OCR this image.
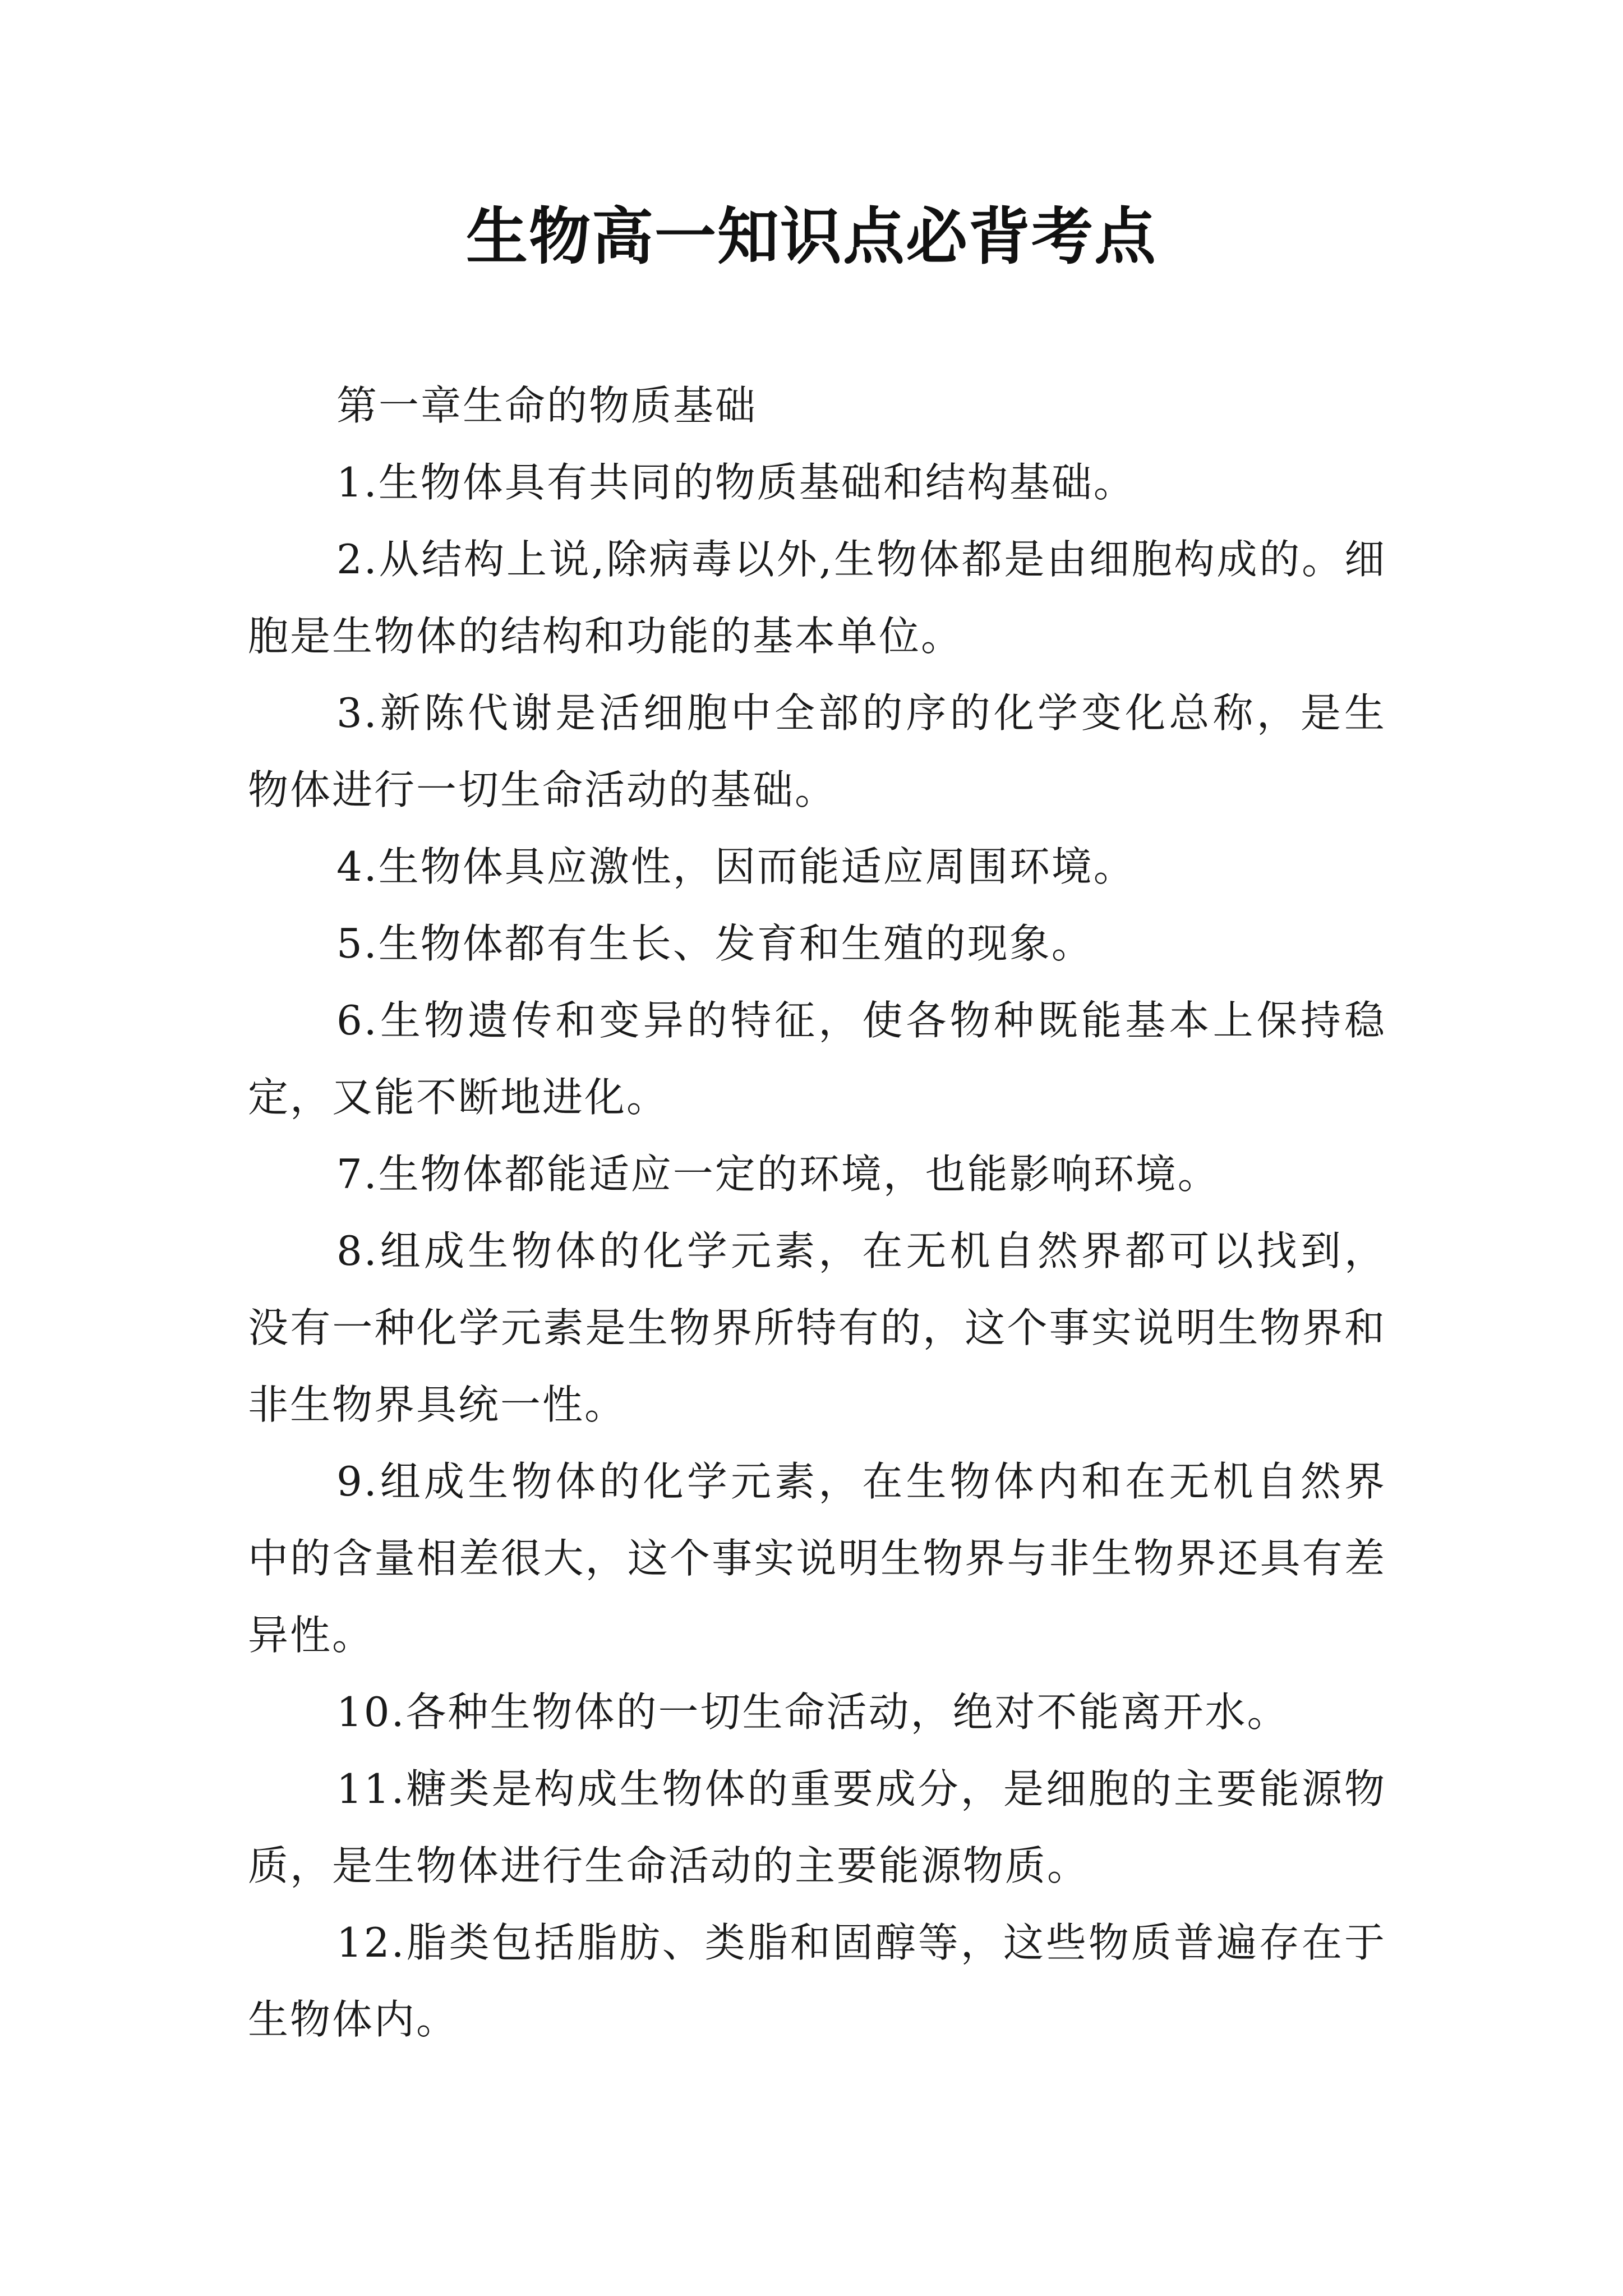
生物高一知识点必背考点

第一章生命的物质基础

1.生物体具有共同的物质基础和结构基础。

2.从结构上说,除病毒以外,生物体都是由细胞构成的。细胞是生物体的结构和功能的基本单位。

3.新陈代谢是活细胞中全部的序的化学变化总称，是生物体进行一切生命活动的基础。

4.生物体具应激性，因而能适应周围环境。

5.生物体都有生长、发育和生殖的现象。

6.生物遗传和变异的特征，使各物种既能基本上保持稳定，又能不断地进化。

7.生物体都能适应一定的环境，也能影响环境。

8.组成生物体的化学元素，在无机自然界都可以找到，没有一种化学元素是生物界所特有的，这个事实说明生物界和非生物界具统一性。

9.组成生物体的化学元素，在生物体内和在无机自然界中的含量相差很大，这个事实说明生物界与非生物界还具有差异性。

10.各种生物体的一切生命活动，绝对不能离开水。

11.糖类是构成生物体的重要成分，是细胞的主要能源物质，是生物体进行生命活动的主要能源物质。

12.脂类包括脂肪、类脂和固醇等，这些物质普遍存在于生物体内。
